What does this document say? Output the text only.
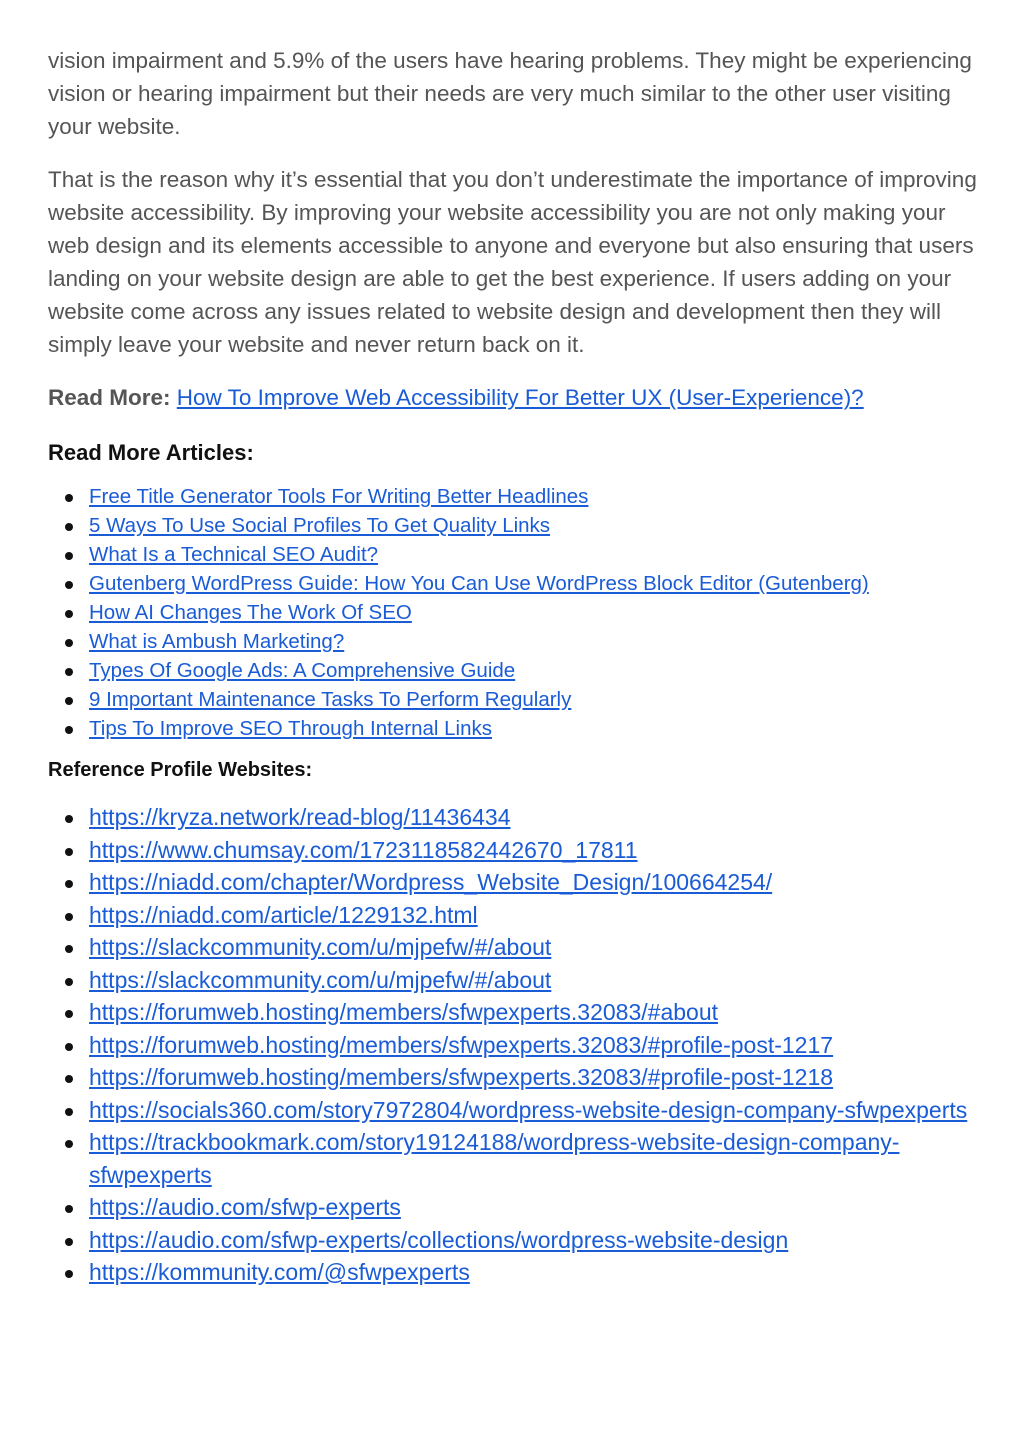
vision impairment and 5.9% of the users have hearing problems. They might be experiencing vision or hearing impairment but their needs are very much similar to the other user visiting your website.

That is the reason why it’s essential that you don’t underestimate the importance of improving website accessibility. By improving your website accessibility you are not only making your web design and its elements accessible to anyone and everyone but also ensuring that users landing on your website design are able to get the best experience. If users adding on your website come across any issues related to website design and development then they will simply leave your website and never return back on it.

Read More: How To Improve Web Accessibility For Better UX (User-Experience)?
Read More Articles:
Free Title Generator Tools For Writing Better Headlines
5 Ways To Use Social Profiles To Get Quality Links
What Is a Technical SEO Audit?
Gutenberg WordPress Guide: How You Can Use WordPress Block Editor (Gutenberg)
How AI Changes The Work Of SEO
What is Ambush Marketing?
Types Of Google Ads: A Comprehensive Guide
9 Important Maintenance Tasks To Perform Regularly
Tips To Improve SEO Through Internal Links
Reference Profile Websites:
https://kryza.network/read-blog/11436434
https://www.chumsay.com/1723118582442670_17811
https://niadd.com/chapter/Wordpress_Website_Design/100664254/
https://niadd.com/article/1229132.html
https://slackcommunity.com/u/mjpefw/#/about
https://slackcommunity.com/u/mjpefw/#/about
https://forumweb.hosting/members/sfwpexperts.32083/#about
https://forumweb.hosting/members/sfwpexperts.32083/#profile-post-1217
https://forumweb.hosting/members/sfwpexperts.32083/#profile-post-1218
https://socials360.com/story7972804/wordpress-website-design-company-sfwpexperts
https://trackbookmark.com/story19124188/wordpress-website-design-company-sfwpexperts
https://audio.com/sfwp-experts
https://audio.com/sfwp-experts/collections/wordpress-website-design
https://kommunity.com/@sfwpexperts
